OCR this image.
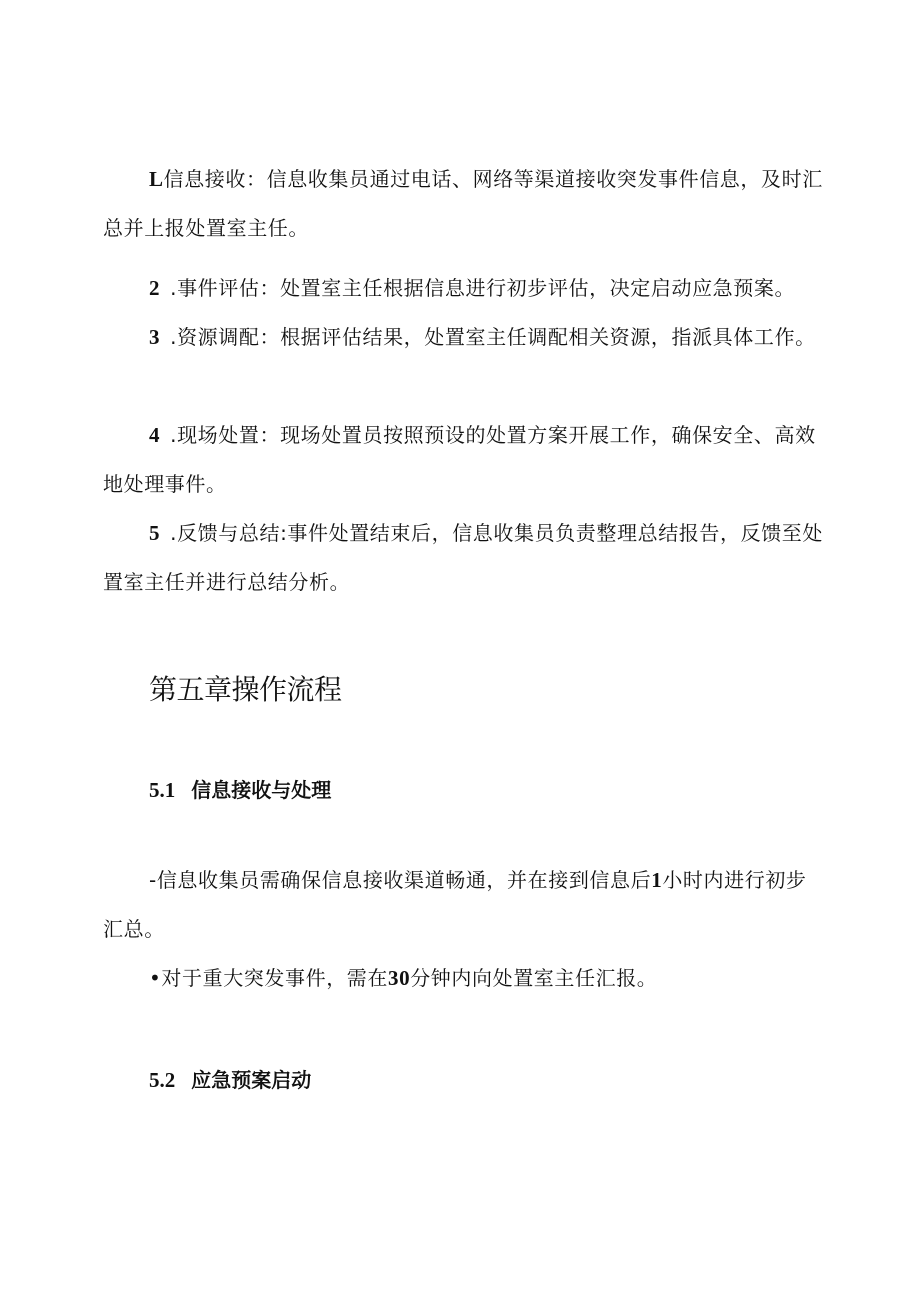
L信息接收：信息收集员通过电话、网络等渠道接收突发事件信息，及时汇总并上报处置室主任。

2 .事件评估：处置室主任根据信息进行初步评估，决定启动应急预案。

3 .资源调配：根据评估结果，处置室主任调配相关资源，指派具体工作。

4 .现场处置：现场处置员按照预设的处置方案开展工作，确保安全、高效地处理事件。

5 .反馈与总结:事件处置结束后，信息收集员负责整理总结报告，反馈至处置室主任并进行总结分析。

第五章操作流程
5.1 信息接收与处理

-信息收集员需确保信息接收渠道畅通，并在接到信息后1小时内进行初步汇总。

•对于重大突发事件，需在30分钟内向处置室主任汇报。

5.2 应急预案启动
